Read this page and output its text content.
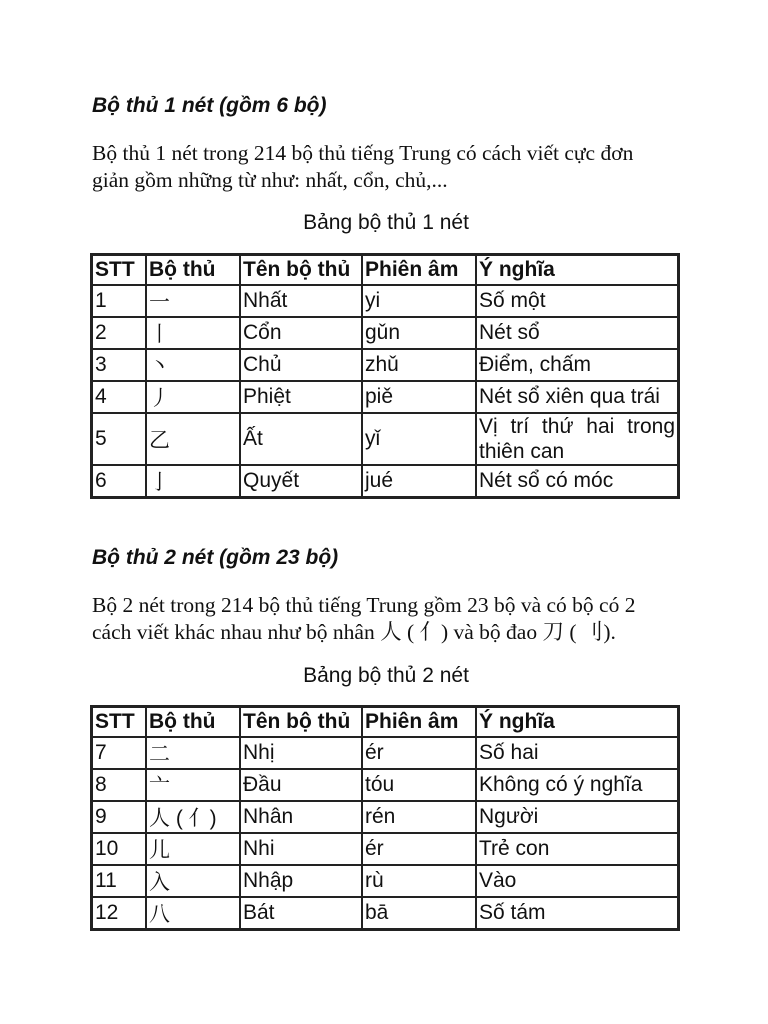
Bộ thủ 1 nét (gồm 6 bộ)

Bộ thủ 1 nét trong 214 bộ thủ tiếng Trung có cách viết cực đơn
giản gồm những từ như: nhất, cổn, chủ,...

Bảng bộ thủ 1 nét

STT	Bộ thủ	Tên bộ thủ	Phiên âm	Ý nghĩa
1	一	Nhất	yi	Số một
2	丨	Cổn	gǔn	Nét sổ
3	丶	Chủ	zhǔ	Điểm, chấm
4	丿	Phiệt	piě	Nét sổ xiên qua trái
5	乙	Ất	yǐ	Vị trí thứ hai trong thiên can
6	亅	Quyết	jué	Nét sổ có móc
Bộ thủ 2 nét (gồm 23 bộ)

Bộ 2 nét trong 214 bộ thủ tiếng Trung gồm 23 bộ và có bộ có 2
cách viết khác nhau như bộ nhân 人 ( 亻) và bộ đao 刀 ( 刂).

Bảng bộ thủ 2 nét

STT	Bộ thủ	Tên bộ thủ	Phiên âm	Ý nghĩa
7	二	Nhị	ér	Số hai
8	亠	Đầu	tóu	Không có ý nghĩa
9	人 ( 亻)	Nhân	rén	Người
10	儿	Nhi	ér	Trẻ con
11	入	Nhập	rù	Vào
12	八	Bát	bā	Số tám
